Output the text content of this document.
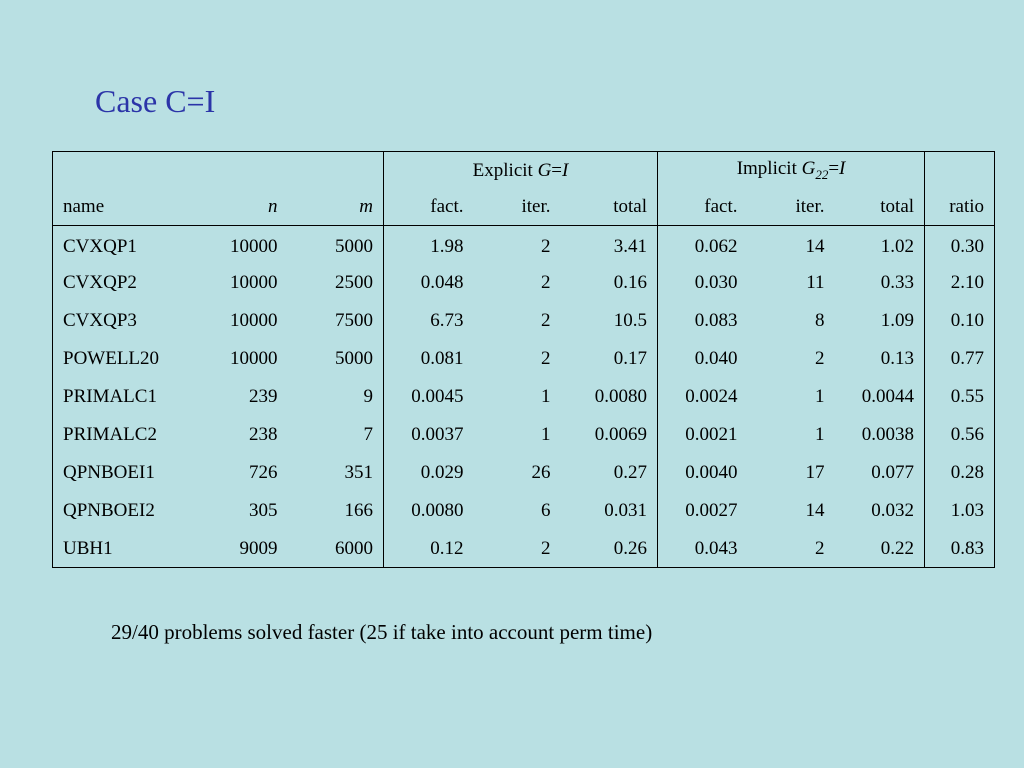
Case C=I
			Explicit G=I			Implicit $G_{22}=I$			
name	n	m	fact.	iter.	total	fact.	iter.	total	ratio
CVXQP1	10000	5000	1.98	2	3.41	0.062	14	1.02	0.30
CVXQP2	10000	2500	0.048	2	0.16	0.030	11	0.33	2.10
CVXQP3	10000	7500	6.73	2	10.5	0.083	8	1.09	0.10
POWELL20	10000	5000	0.081	2	0.17	0.040	2	0.13	0.77
PRIMALC1	239	9	0.0045	1	0.0080	0.0024	1	0.0044	0.55
PRIMALC2	238	7	0.0037	1	0.0069	0.0021	1	0.0038	0.56
QPNBOEI1	726	351	0.029	26	0.27	0.0040	17	0.077	0.28
QPNBOEI2	305	166	0.0080	6	0.031	0.0027	14	0.032	1.03
UBH1	9009	6000	0.12	2	0.26	0.043	2	0.22	0.83
29/40 problems solved faster (25 if take into account perm time)
